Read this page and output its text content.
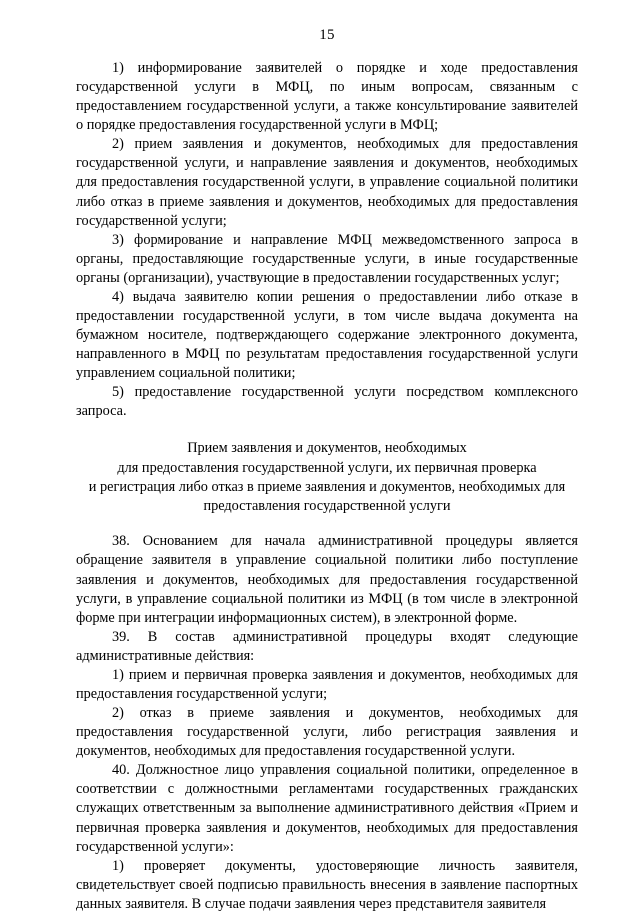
15

1) информирование заявителей о порядке и ходе предоставления государственной услуги в МФЦ, по иным вопросам, связанным с предоставлением государственной услуги, а также консультирование заявителей о порядке предоставления государственной услуги в МФЦ;

2) прием заявления и документов, необходимых для предоставления государственной услуги, и направление заявления и документов, необходимых для предоставления государственной услуги, в управление социальной политики либо отказ в приеме заявления и документов, необходимых для предоставления государственной услуги;

3) формирование и направление МФЦ межведомственного запроса в органы, предоставляющие государственные услуги, в иные государственные органы (организации), участвующие в предоставлении государственных услуг;

4) выдача заявителю копии решения о предоставлении либо отказе в предоставлении государственной услуги, в том числе выдача документа на бумажном носителе, подтверждающего содержание электронного документа, направленного в МФЦ по результатам предоставления государственной услуги управлением социальной политики;

5) предоставление государственной услуги посредством комплексного запроса.

Прием заявления и документов, необходимых
для предоставления государственной услуги, их первичная проверка
и регистрация либо отказ в приеме заявления и документов, необходимых для
предоставления государственной услуги

38. Основанием для начала административной процедуры является обращение заявителя в управление социальной политики либо поступление заявления и документов, необходимых для предоставления государственной услуги, в управление социальной политики из МФЦ (в том числе в электронной форме при интеграции информационных систем), в электронной форме.

39. В состав административной процедуры входят следующие административные действия:

1) прием и первичная проверка заявления и документов, необходимых для предоставления государственной услуги;

2) отказ в приеме заявления и документов, необходимых для предоставления государственной услуги, либо регистрация заявления и документов, необходимых для предоставления государственной услуги.

40. Должностное лицо управления социальной политики, определенное в соответствии с должностными регламентами государственных гражданских служащих ответственным за выполнение административного действия «Прием и первичная проверка заявления и документов, необходимых для предоставления государственной услуги»:

1) проверяет документы, удостоверяющие личность заявителя, свидетельствует своей подписью правильность внесения в заявление паспортных данных заявителя. В случае подачи заявления через представителя заявителя
